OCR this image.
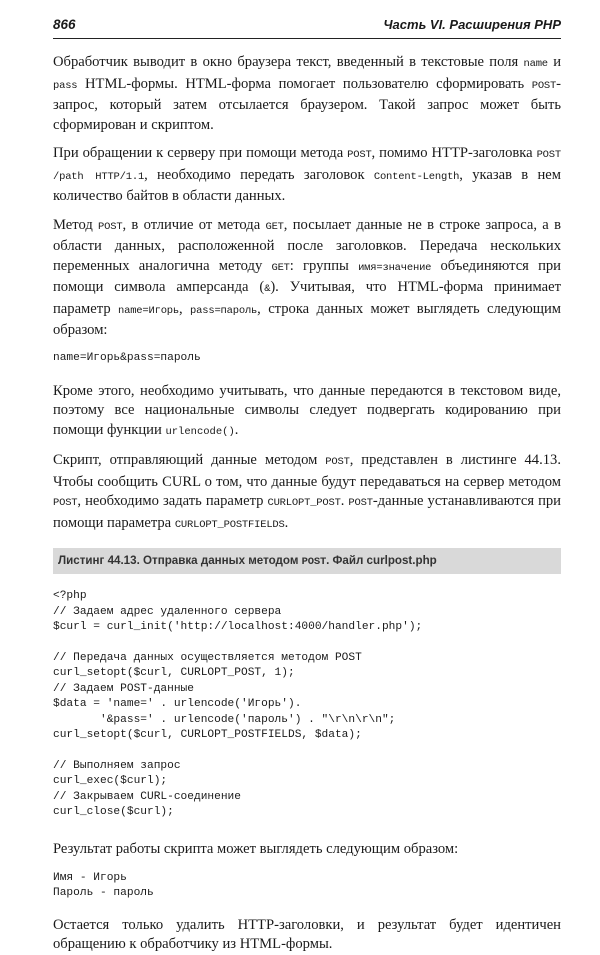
866	Часть VI. Расширения PHP

Обработчик выводит в окно браузера текст, введенный в текстовые поля name и pass HTML-формы. HTML-форма помогает пользователю сформировать POST-запрос, который затем отсылается браузером. Такой запрос может быть сформирован и скриптом.

При обращении к серверу при помощи метода POST, помимо HTTP-заголовка POST /path HTTP/1.1, необходимо передать заголовок Content-Length, указав в нем количество байтов в области данных.

Метод POST, в отличие от метода GET, посылает данные не в строке запроса, а в области данных, расположенной после заголовков. Передача нескольких переменных аналогична методу GET: группы имя=значение объединяются при помощи символа амперсанда (&). Учитывая, что HTML-форма принимает параметр name=Игорь, pass=пароль, строка данных может выглядеть следующим образом:

name=Игорь&pass=пароль

Кроме этого, необходимо учитывать, что данные передаются в текстовом виде, поэтому все национальные символы следует подвергать кодированию при помощи функции urlencode().

Скрипт, отправляющий данные методом POST, представлен в листинге 44.13. Чтобы сообщить CURL о том, что данные будут передаваться на сервер методом POST, необходимо задать параметр CURLOPT_POST. POST-данные устанавливаются при помощи параметра CURLOPT_POSTFIELDS.

Листинг 44.13. Отправка данных методом POST. Файл curlpost.php
<?php
// Задаем адрес удаленного сервера
$curl = curl_init('http://localhost:4000/handler.php');

// Передача данных осуществляется методом POST
curl_setopt($curl, CURLOPT_POST, 1);
// Задаем POST-данные
$data = 'name=' . urlencode('Игорь').
'&pass=' . urlencode('пароль') . "\r\n\r\n";
curl_setopt($curl, CURLOPT_POSTFIELDS, $data);

// Выполняем запрос
curl_exec($curl);
// Закрываем CURL-соединение
curl_close($curl);

Результат работы скрипта может выглядеть следующим образом:

Имя - Игорь
Пароль - пароль

Остается только удалить HTTP-заголовки, и результат будет идентичен обращению к обработчику из HTML-формы.
